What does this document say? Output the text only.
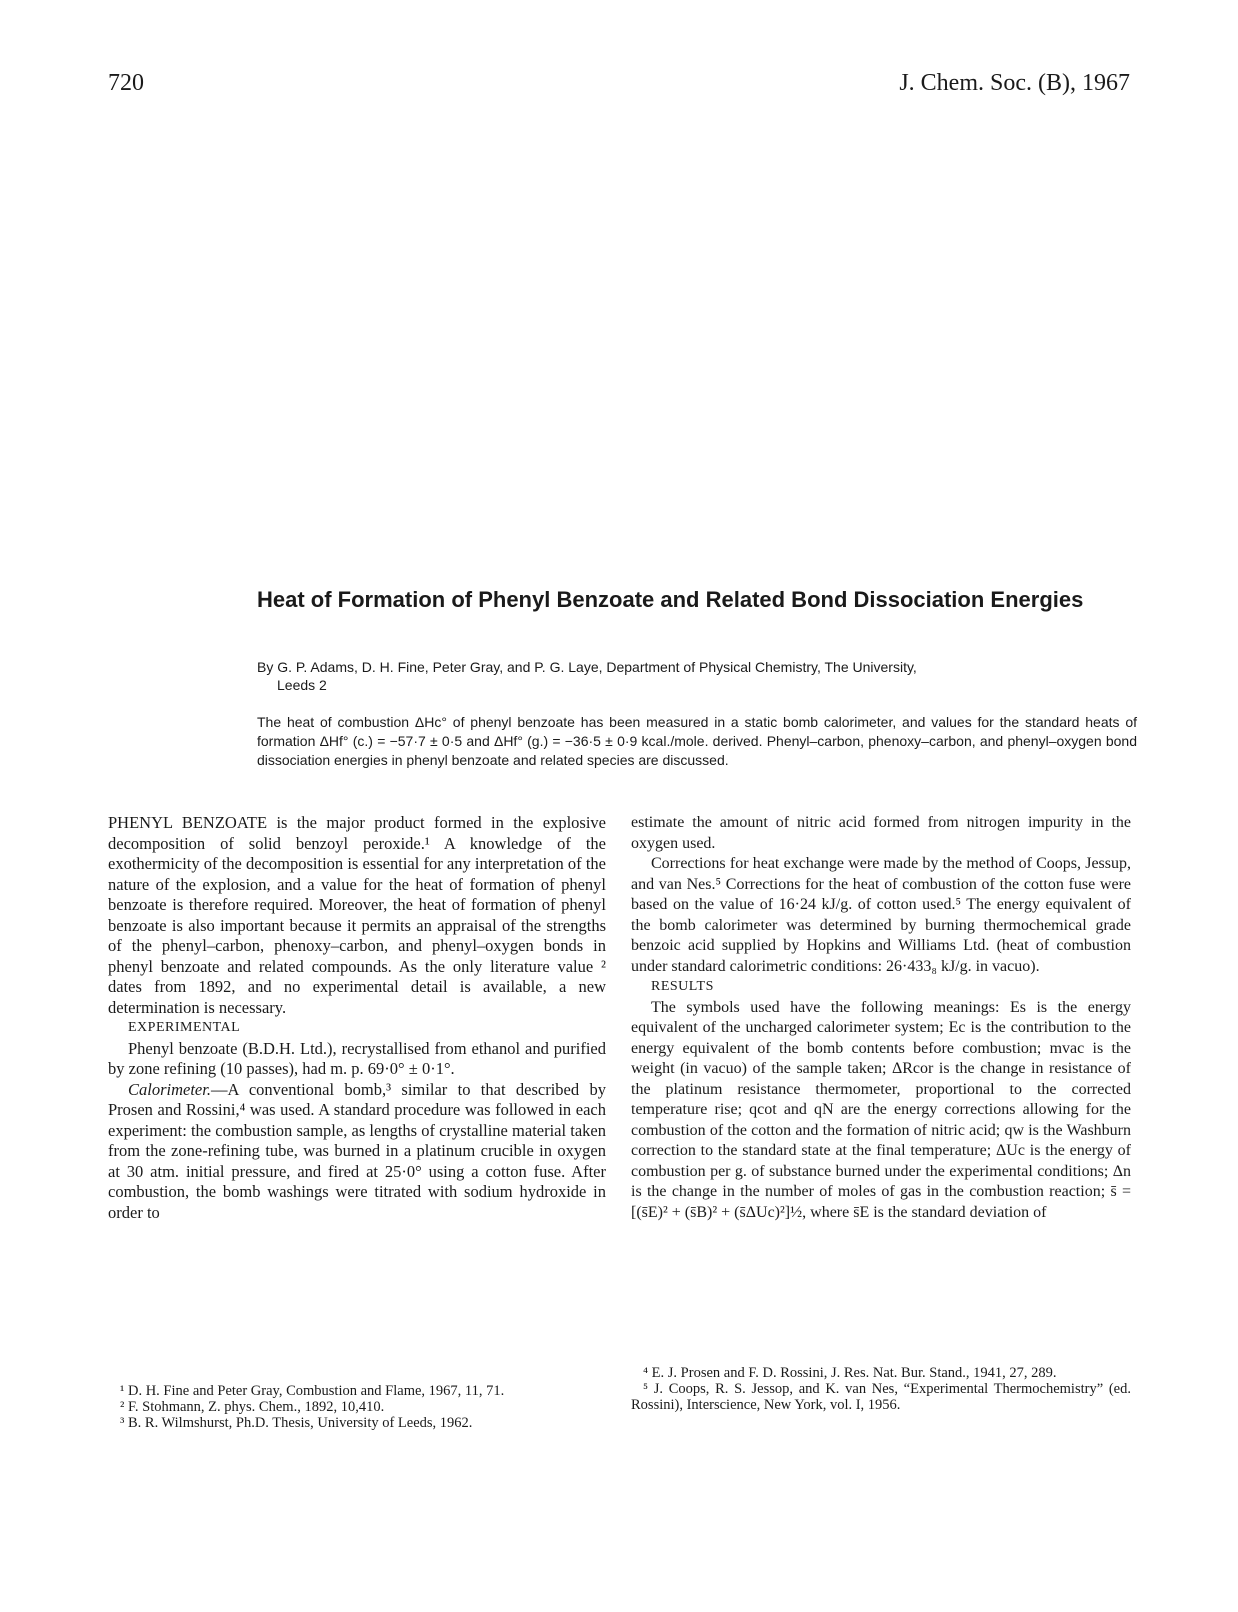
720	J. Chem. Soc. (B), 1967
Heat of Formation of Phenyl Benzoate and Related Bond Dissociation Energies
By G. P. Adams, D. H. Fine, Peter Gray, and P. G. Laye, Department of Physical Chemistry, The University,
Leeds 2
The heat of combustion ΔHc° of phenyl benzoate has been measured in a static bomb calorimeter, and values for the standard heats of formation ΔHf° (c.) = −57·7 ± 0·5 and ΔHf° (g.) = −36·5 ± 0·9 kcal./mole. derived. Phenyl–carbon, phenoxy–carbon, and phenyl–oxygen bond dissociation energies in phenyl benzoate and related species are discussed.

PHENYL BENZOATE is the major product formed in the explosive decomposition of solid benzoyl peroxide.¹ A knowledge of the exothermicity of the decomposition is essential for any interpretation of the nature of the explosion, and a value for the heat of formation of phenyl benzoate is therefore required. Moreover, the heat of formation of phenyl benzoate is also important because it permits an appraisal of the strengths of the phenyl–carbon, phenoxy–carbon, and phenyl–oxygen bonds in phenyl benzoate and related compounds. As the only literature value ² dates from 1892, and no experimental detail is available, a new determination is necessary.

EXPERIMENTAL

Phenyl benzoate (B.D.H. Ltd.), recrystallised from ethanol and purified by zone refining (10 passes), had m. p. 69·0° ± 0·1°.

Calorimeter.—A conventional bomb,³ similar to that described by Prosen and Rossini,⁴ was used. A standard procedure was followed in each experiment: the combustion sample, as lengths of crystalline material taken from the zone-refining tube, was burned in a platinum crucible in oxygen at 30 atm. initial pressure, and fired at 25·0° using a cotton fuse. After combustion, the bomb washings were titrated with sodium hydroxide in order to

estimate the amount of nitric acid formed from nitrogen impurity in the oxygen used.

Corrections for heat exchange were made by the method of Coops, Jessup, and van Nes.⁵ Corrections for the heat of combustion of the cotton fuse were based on the value of 16·24 kJ/g. of cotton used.⁵ The energy equivalent of the bomb calorimeter was determined by burning thermochemical grade benzoic acid supplied by Hopkins and Williams Ltd. (heat of combustion under standard calorimetric conditions: 26·433₈ kJ/g. in vacuo).

RESULTS

The symbols used have the following meanings: Es is the energy equivalent of the uncharged calorimeter system; Ec is the contribution to the energy equivalent of the bomb contents before combustion; mvac is the weight (in vacuo) of the sample taken; ΔRcor is the change in resistance of the platinum resistance thermometer, proportional to the corrected temperature rise; qcot and qN are the energy corrections allowing for the combustion of the cotton and the formation of nitric acid; qw is the Washburn correction to the standard state at the final temperature; ΔUc is the energy of combustion per g. of substance burned under the experimental conditions; Δn is the change in the number of moles of gas in the combustion reaction; s̄ = [(s̄E)² + (s̄B)² + (s̄ΔUc)²]½, where s̄E is the standard deviation of

¹ D. H. Fine and Peter Gray, Combustion and Flame, 1967, 11, 71.

² F. Stohmann, Z. phys. Chem., 1892, 10,410.

³ B. R. Wilmshurst, Ph.D. Thesis, University of Leeds, 1962.

⁴ E. J. Prosen and F. D. Rossini, J. Res. Nat. Bur. Stand., 1941, 27, 289.

⁵ J. Coops, R. S. Jessop, and K. van Nes, “Experimental Thermochemistry” (ed. Rossini), Interscience, New York, vol. I, 1956.
